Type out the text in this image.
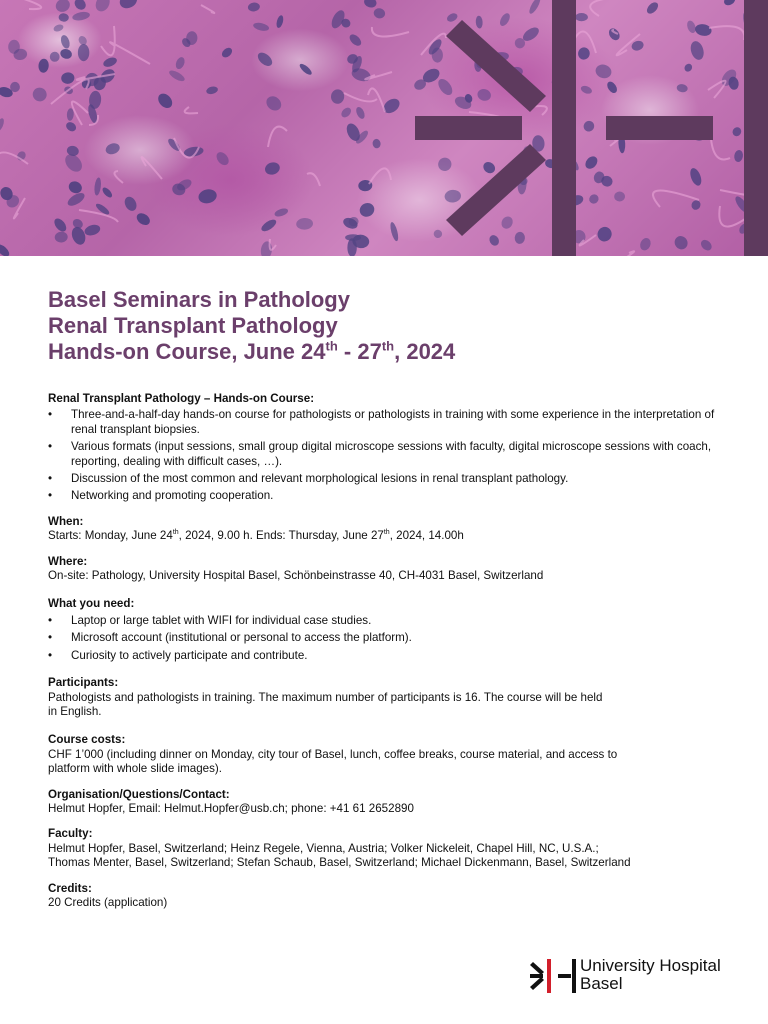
Basel Seminars in Pathology
Renal Transplant Pathology
Hands-on Course, June 24th - 27th, 2024
Renal Transplant Pathology – Hands-on Course:
• Three-and-a-half-day hands-on course for pathologists or pathologists in training with some experience in the interpretation of renal transplant biopsies.
• Various formats (input sessions, small group digital microscope sessions with faculty, digital microscope sessions with coach, reporting, dealing with difficult cases, …).
• Discussion of the most common and relevant morphological lesions in renal transplant pathology.
• Networking and promoting cooperation.
When:

Starts: Monday, June 24th, 2024, 9.00 h. Ends: Thursday, June 27th, 2024, 14.00h

Where:

On-site: Pathology, University Hospital Basel, Schönbeinstrasse 40, CH-4031 Basel, Switzerland

What you need:
• Laptop or large tablet with WIFI for individual case studies.
• Microsoft account (institutional or personal to access the platform).
• Curiosity to actively participate and contribute.
Participants:

Pathologists and pathologists in training. The maximum number of participants is 16. The course will be held

in English.

Course costs:

CHF 1’000 (including dinner on Monday, city tour of Basel, lunch, coffee breaks, course material, and access to

platform with whole slide images).

Organisation/Questions/Contact:

Helmut Hopfer, Email: Helmut.Hopfer@usb.ch; phone: +41 61 2652890

Faculty:

Helmut Hopfer, Basel, Switzerland; Heinz Regele, Vienna, Austria; Volker Nickeleit, Chapel Hill, NC, U.S.A.;

Thomas Menter, Basel, Switzerland; Stefan Schaub, Basel, Switzerland; Michael Dickenmann, Basel, Switzerland

Credits:

20 Credits (application)

University Hospital
Basel
